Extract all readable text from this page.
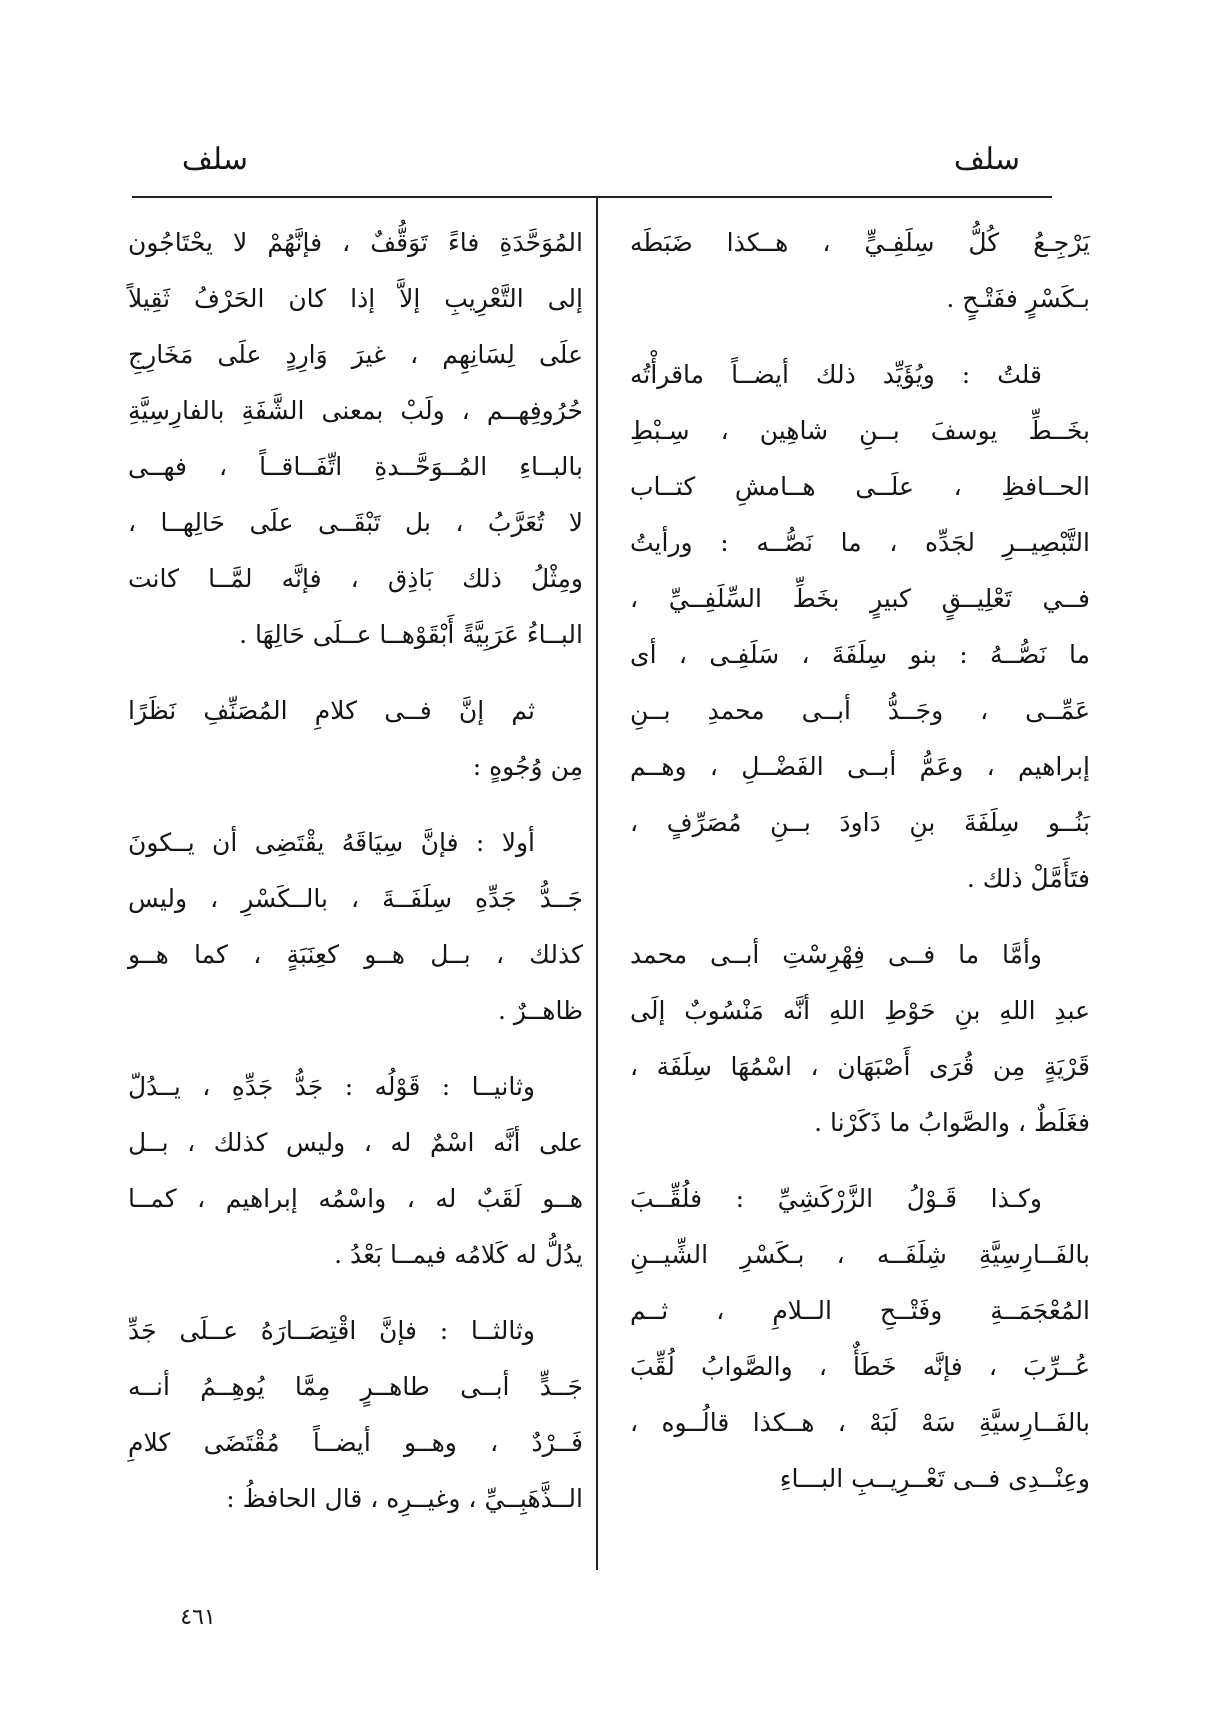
سلف
سلف
يَرْجِـعُ كُلُّ سِلَفِـيٍّ ، هــكذا ضَبَطَه
بـكَسْرٍ ففَتْـحٍ .
قلتُ : ويُؤَيِّد ذلك أيضــاً ماقرأْتُه
بخَــطِّ يوسفَ بــنِ شاهِين ، سِـبْطِ
الحــافظِ ، علَــى هــامشِ كتــاب
التَّبْصِيــرِ لجَدِّه ، ما نَصُّــه : ورأيتُ
فــي تَعْلِيــقٍ كبيرٍ بخَطِّ السِّلَفِــيِّ ،
ما نَصُّــهُ : بنو سِلَفَةَ ، سَلَفِـى ، أى
عَمِّــى ، وجَــدُّ أبــى محمدِ بــنِ
إبراهيم ، وعَمُّ أبــى الفَضْــلِ ، وهــم
بَنُــو سِلَفَةَ بنِ دَاودَ بــنِ مُصَرِّفٍ ،
فتَأَمَّلْ ذلك .
وأمَّا ما فــى فِهْرِسْتِ أبــى محمد
عبدِ اللهِ بنِ حَوْطِ اللهِ أنَّه مَنْسُوبٌ إلَى
قَرْيَةٍ مِن قُرَى أَصْبَهَان ، اسْمُهَا سِلَفَة ،
فغَلَطٌ ، والصَّوابُ ما ذَكَرْنا .
وكـذا قَـوْلُ الزَّرْكَشِيِّ : فلُقِّــبَ
بالفَــارِسِيَّةِ شِلَفَــه ، بـكَسْرِ الشِّيــنِ
المُعْجَمَــةِ وفَتْــحِ الــلامِ ، ثــم
عُــرِّبَ ، فإنَّه خَطَأٌ ، والصَّوابُ لُقِّبَ
بالفَــارِسيَّةِ سَهْ لَبَهْ ، هــكذا قالُــوه ،
وعِنْــدِى فــى تَعْــرِيــبِ البـــاءِ
المُوَحَّدَةِ فاءً تَوَقُّفٌ ، فإنَّهُمْ لا يحْتَاجُون
إلى التَّعْرِيبِ إلاَّ إذا كان الحَرْفُ ثَقِيلاً
علَى لِسَانِهِم ، غيرَ وَارِدٍ علَى مَخَارِجِ
حُرُوفِهــم ، ولَبْ بمعنى الشَّفَةِ بالفارِسِيَّةِ
بالبــاءِ المُــوَحَّــدةِ اتِّفَــاقــاً ، فهــى
لا تُعَرَّبُ ، بل تَبْقَــى علَى حَالِهــا ،
ومِثْلُ ذلك بَاذِق ، فإنَّه لمَّــا كانت
البــاءُ عَرَبِيَّةً أَبْقَوْهــا عــلَى حَالِهَا .
ثم إنَّ فــى كلامِ المُصَنِّفِ نَظَرًا
مِن وُجُوهٍ :
أولا : فإنَّ سِيَاقَهُ يقْتَضِى أن يــكونَ
جَــدُّ جَدِّهِ سِلَفَــةَ ، بالــكَسْرِ ، وليس
كذلك ، بــل هــو كعِنَبَةٍ ، كما هــو
ظاهــرٌ .
وثانيــا : قَوْلُه : جَدُّ جَدِّهِ ، يــدُلّ
على أنَّه اسْمٌ له ، وليس كذلك ، بــل
هــو لَقَبٌ له ، واسْمُه إبراهيم ، كمــا
يدُلُّ له كَلامُه فيمــا بَعْدُ .
وثالثــا : فإنَّ اقْتِصَــارَهُ عــلَى جَدِّ
جَــدٍّ أبــى طاهــرٍ مِمَّا يُوهِــمُ أنــه
فَــرْدٌ ، وهــو أيضــاً مُقْتَضَى كلامِ
الــذَّهَبِــيِّ ، وغيــرِه ، قال الحافظُ :
٤٦١
